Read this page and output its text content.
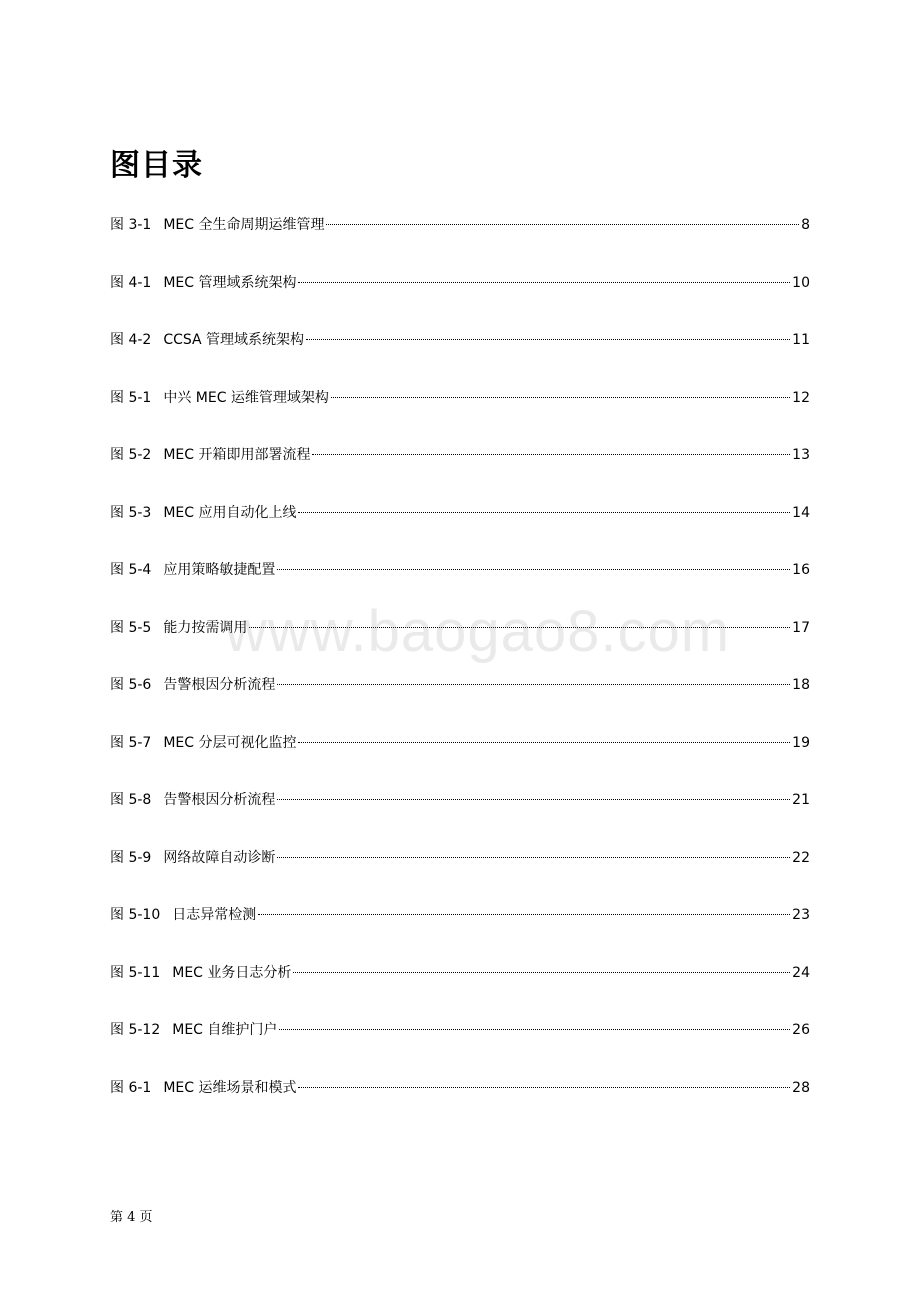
图目录
图 3-1 MEC 全生命周期运维管理	8
图 4-1 MEC 管理域系统架构	10
图 4-2 CCSA 管理域系统架构	11
图 5-1 中兴 MEC 运维管理域架构	12
图 5-2 MEC 开箱即用部署流程	13
图 5-3 MEC 应用自动化上线	14
图 5-4 应用策略敏捷配置	16
图 5-5 能力按需调用	17
图 5-6 告警根因分析流程	18
图 5-7 MEC 分层可视化监控	19
图 5-8 告警根因分析流程	21
图 5-9 网络故障自动诊断	22
图 5-10 日志异常检测	23
图 5-11 MEC 业务日志分析	24
图 5-12 MEC 自维护门户	26
图 6-1 MEC 运维场景和模式	28
www.baogao8.com
第 4 页
